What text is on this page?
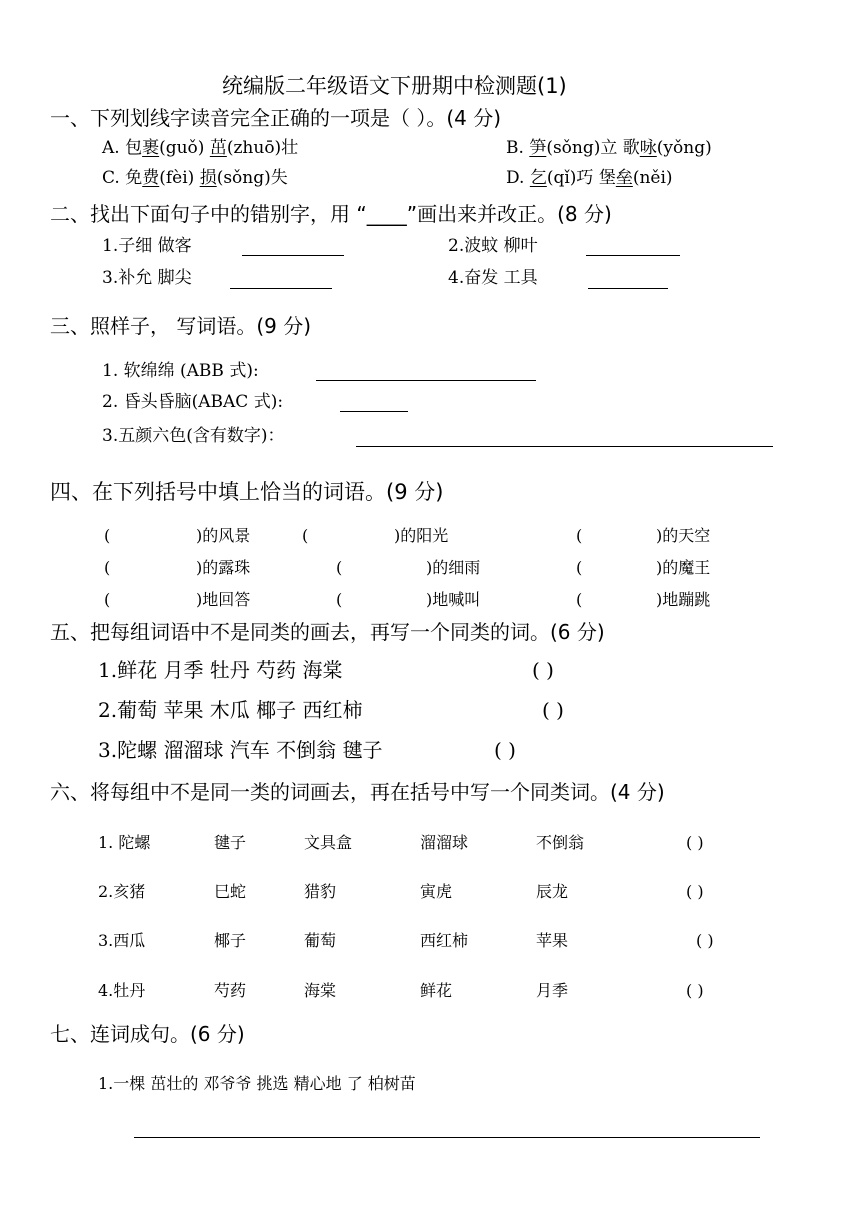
统编版二年级语文下册期中检测题(1)
一、下列划线字读音完全正确的一项是（ ）。(4 分)
A. 包裹(guǒ) 茁(zhuō)壮	B. 笋(sǒng)立 歌咏(yǒng)
C. 免费(fèi) 损(sǒng)失	D. 乞(qǐ)巧 堡垒(něi)
二、找出下面句子中的错别字，用 “____”画出来并改正。(8 分)
1.子细 做客	2.波蚊 柳叶
3.补允 脚尖	4.奋发 工具
三、照样子， 写词语。(9 分)
1. 软绵绵 (ABB 式):
2. 昏头昏脑(ABAC 式):
3.五颜六色(含有数字)：
四、在下列括号中填上恰当的词语。(9 分)
(	)的风景	(	)的阳光	(	)的天空
(	)的露珠	(	)的细雨	(	)的魔王
(	)地回答	(	)地喊叫	(	)地蹦跳
五、把每组词语中不是同类的画去，再写一个同类的词。(6 分)
1.鲜花 月季 牡丹 芍药 海棠	( )
2.葡萄 苹果 木瓜 椰子 西红柿	( )
3.陀螺 溜溜球 汽车 不倒翁 毽子	( )
六、将每组中不是同一类的词画去，再在括号中写一个同类词。(4 分)
1. 陀螺	毽子	文具盒	溜溜球	不倒翁	( )
2.亥猪	巳蛇	猎豹	寅虎	辰龙	( )
3.西瓜	椰子	葡萄	西红柿	苹果	( )
4.牡丹	芍药	海棠	鲜花	月季	( )
七、连词成句。(6 分)
1.一棵 茁壮的 邓爷爷 挑选 精心地 了 柏树苗
